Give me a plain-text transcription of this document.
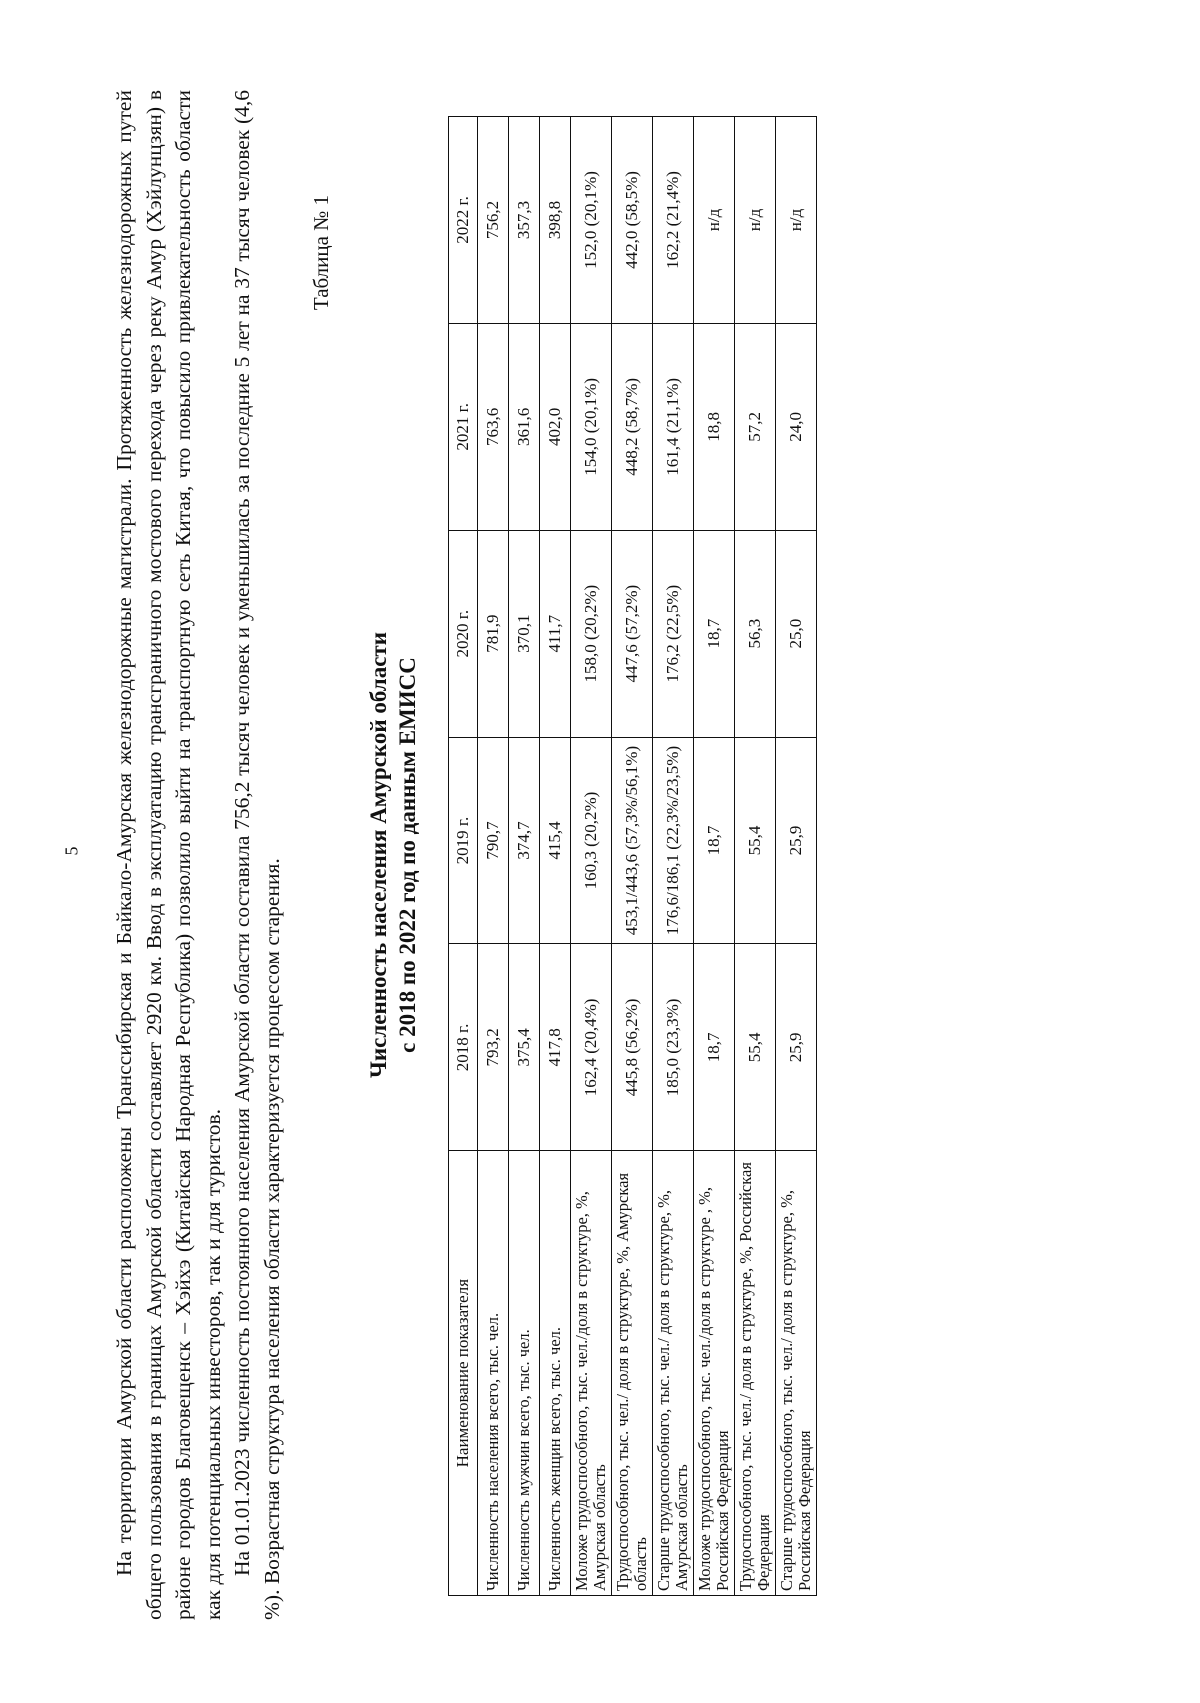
5 На территории Амурской области расположены Транссибирская и Байкало-Амурская железнодорожные магистрали. Протяженность железнодорожных путей общего пользования в границах Амурской области составляет 2920 км. Ввод в эксплуатацию трансграничного мостового перехода через реку Амур (Хэйлунцзян) в районе городов Благовещенск – Хэйхэ (Китайская Народная Республика) позволило выйти на транспортную сеть Китая, что повысило привлекательность области как для потенциальных инвесторов, так и для туристов. На 01.01.2023 численность постоянного населения Амурской области составила 756,2 тысяч человек и уменьшилась за последние 5 лет на 37 тысяч человек (4,6 %). Возрастная структура населения области характеризуется процессом старения.

Таблица № 1
Численность населения Амурской области с 2018 по 2022 год по данным ЕМИСС
Наименование показателя	2018 г.	2019 г.	2020 г.	2021 г.	2022 г.
Численность населения всего, тыс. чел.	793,2	790,7	781,9	763,6	756,2
Численность мужчин всего, тыс. чел.	375,4	374,7	370,1	361,6	357,3
Численность женщин всего, тыс. чел.	417,8	415,4	411,7	402,0	398,8
Моложе трудоспособного, тыс. чел./доля в структуре, %, Амурская область	162,4 (20,4%)	160,3 (20,2%)	158,0 (20,2%)	154,0 (20,1%)	152,0 (20,1%)
Трудоспособного, тыс. чел./ доля в структуре, %, Амурская область	445,8 (56,2%)	453,1/443,6 (57,3%/56,1%)	447,6 (57,2%)	448,2 (58,7%)	442,0 (58,5%)
Старше трудоспособного, тыс. чел./ доля в структуре, %, Амурская область	185,0 (23,3%)	176,6/186,1 (22,3%/23,5%)	176,2 (22,5%)	161,4 (21,1%)	162,2 (21,4%)
Моложе трудоспособного, тыс. чел./доля в структуре , %, Российская Федерация	18,7	18,7	18,7	18,8	н/д
Трудоспособного, тыс. чел./ доля в структуре, %, Российская Федерация	55,4	55,4	56,3	57,2	н/д
Старше трудоспособного, тыс. чел./ доля в структуре, %, Российская Федерация	25,9	25,9	25,0	24,0	н/д
